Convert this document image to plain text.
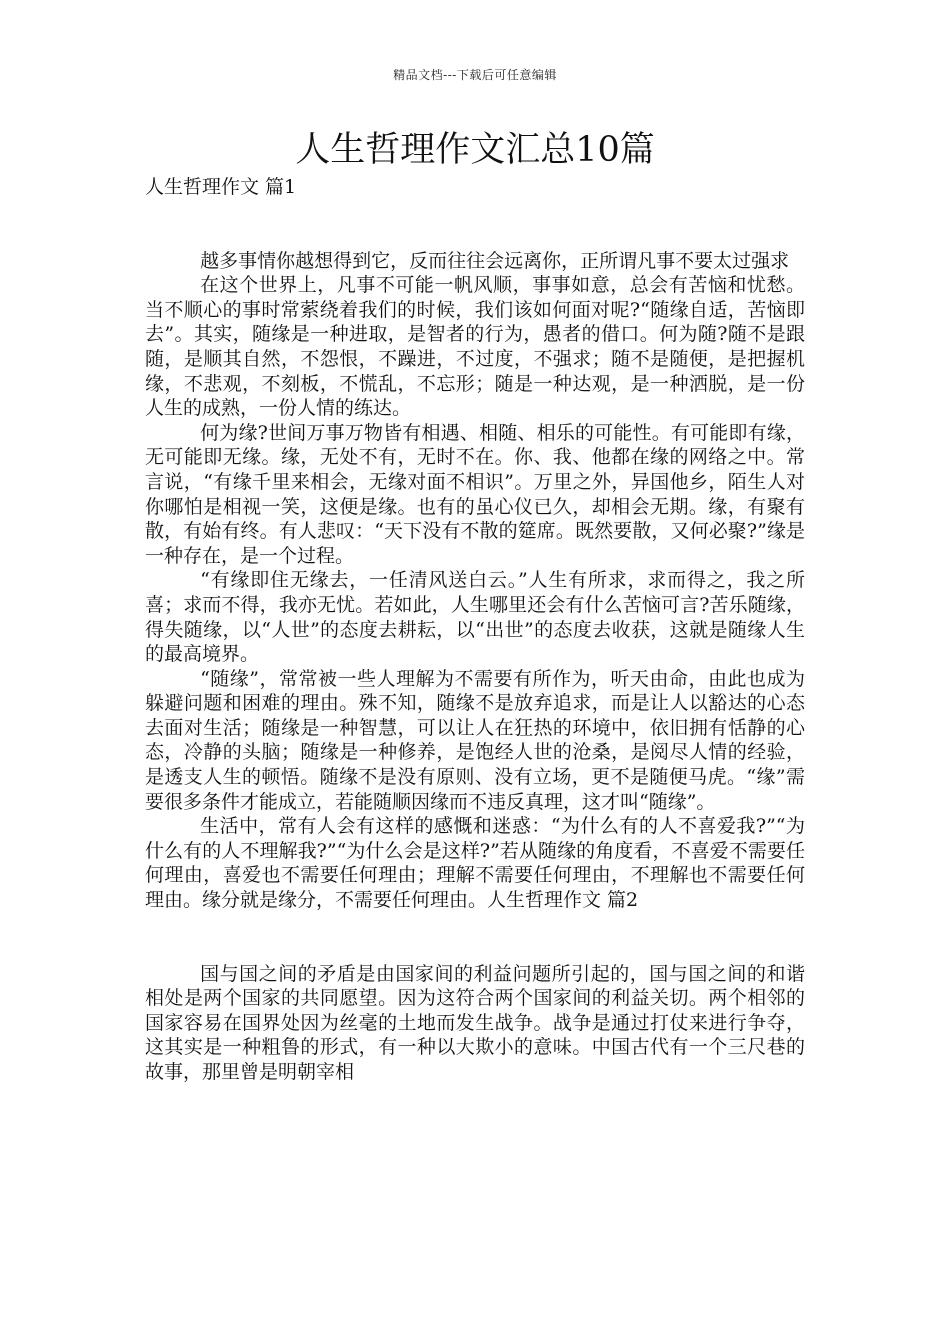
精品文档---下载后可任意编辑
人生哲理作文汇总10篇

人生哲理作文 篇1

越多事情你越想得到它，反而往往会远离你，正所谓凡事不要太过强求

在这个世界上，凡事不可能一帆风顺，事事如意，总会有苦恼和忧愁。当不顺心的事时常萦绕着我们的时候，我们该如何面对呢?“随缘自适，苦恼即去”。其实，随缘是一种进取，是智者的行为，愚者的借口。何为随?随不是跟随，是顺其自然，不怨恨，不躁进，不过度，不强求；随不是随便，是把握机缘，不悲观，不刻板，不慌乱，不忘形；随是一种达观，是一种洒脱，是一份人生的成熟，一份人情的练达。

何为缘?世间万事万物皆有相遇、相随、相乐的可能性。有可能即有缘，无可能即无缘。缘，无处不有，无时不在。你、我、他都在缘的网络之中。常言说，“有缘千里来相会，无缘对面不相识”。万里之外，异国他乡，陌生人对你哪怕是相视一笑，这便是缘。也有的虽心仪已久，却相会无期。缘，有聚有散，有始有终。有人悲叹：“天下没有不散的筵席。既然要散，又何必聚?”缘是一种存在，是一个过程。

“有缘即住无缘去，一任清风送白云。”人生有所求，求而得之，我之所喜；求而不得，我亦无忧。若如此，人生哪里还会有什么苦恼可言?苦乐随缘，得失随缘，以“人世”的态度去耕耘，以“出世”的态度去收获，这就是随缘人生的最高境界。

“随缘”，常常被一些人理解为不需要有所作为，听天由命，由此也成为躲避问题和困难的理由。殊不知，随缘不是放弃追求，而是让人以豁达的心态去面对生活；随缘是一种智慧，可以让人在狂热的环境中，依旧拥有恬静的心态，冷静的头脑；随缘是一种修养，是饱经人世的沧桑，是阅尽人情的经验，是透支人生的顿悟。随缘不是没有原则、没有立场，更不是随便马虎。“缘”需要很多条件才能成立，若能随顺因缘而不违反真理，这才叫“随缘”。

生活中，常有人会有这样的感慨和迷惑：“为什么有的人不喜爱我?”“为什么有的人不理解我?”“为什么会是这样?”若从随缘的角度看，不喜爱不需要任何理由，喜爱也不需要任何理由；理解不需要任何理由，不理解也不需要任何理由。缘分就是缘分，不需要任何理由。人生哲理作文 篇2

国与国之间的矛盾是由国家间的利益问题所引起的，国与国之间的和谐相处是两个国家的共同愿望。因为这符合两个国家间的利益关切。两个相邻的国家容易在国界处因为丝毫的土地而发生战争。战争是通过打仗来进行争夺，这其实是一种粗鲁的形式，有一种以大欺小的意味。中国古代有一个三尺巷的故事，那里曾是明朝宰相
